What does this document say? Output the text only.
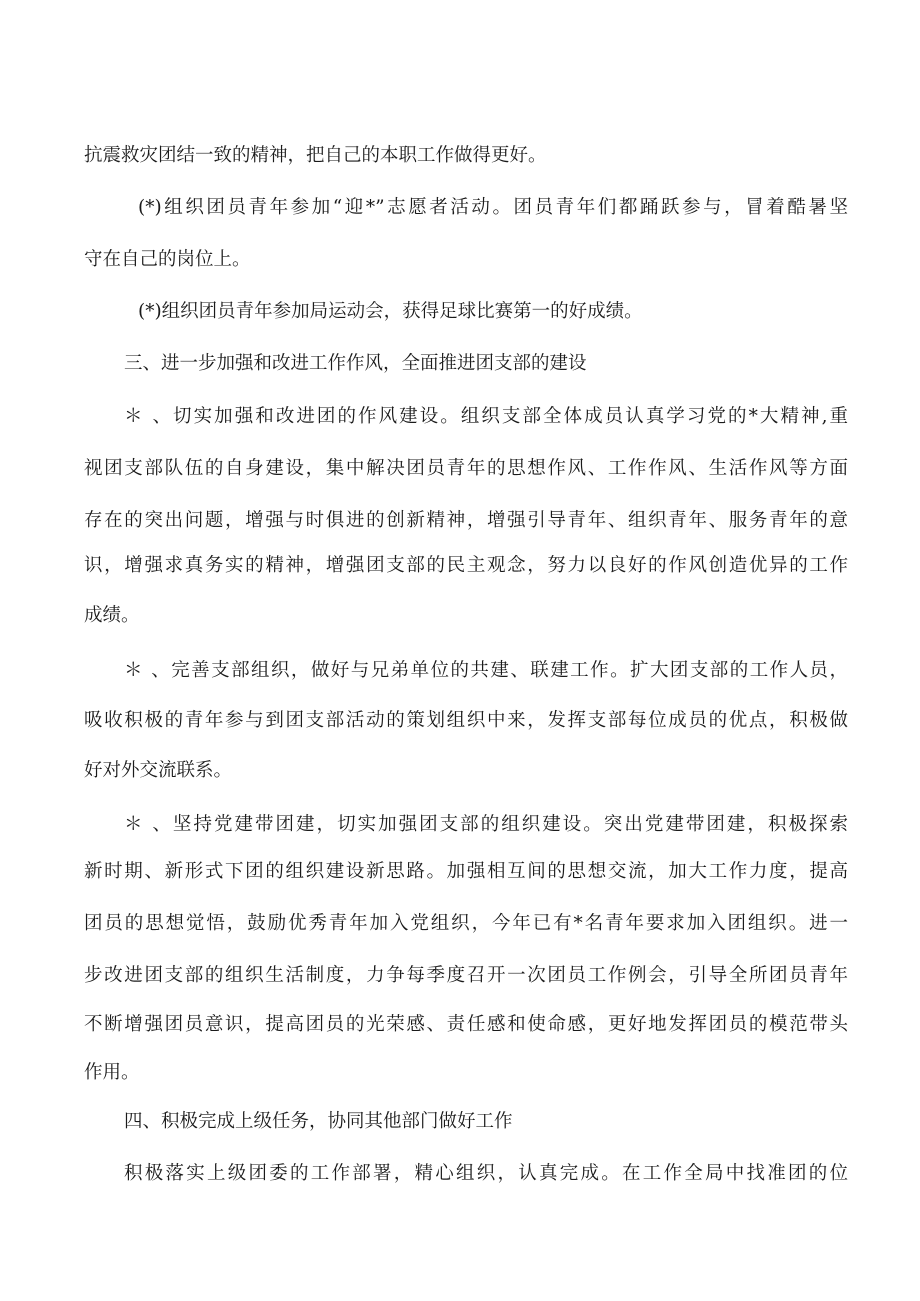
抗震救灾团结一致的精神，把自己的本职工作做得更好。
(*)组织团员青年参加“迎*”志愿者活动。团员青年们都踊跃参与，冒着酷暑坚
守在自己的岗位上。
(*)组织团员青年参加局运动会，获得足球比赛第一的好成绩。
三、进一步加强和改进工作作风，全面推进团支部的建设
＊ 、切实加强和改进团的作风建设。组织支部全体成员认真学习党的*大精神,重
视团支部队伍的自身建设，集中解决团员青年的思想作风、工作作风、生活作风等方面
存在的突出问题，增强与时俱进的创新精神，增强引导青年、组织青年、服务青年的意
识，增强求真务实的精神，增强团支部的民主观念，努力以良好的作风创造优异的工作
成绩。
＊ 、完善支部组织，做好与兄弟单位的共建、联建工作。扩大团支部的工作人员，
吸收积极的青年参与到团支部活动的策划组织中来，发挥支部每位成员的优点，积极做
好对外交流联系。
＊ 、坚持党建带团建，切实加强团支部的组织建设。突出党建带团建，积极探索
新时期、新形式下团的组织建设新思路。加强相互间的思想交流，加大工作力度，提高
团员的思想觉悟，鼓励优秀青年加入党组织，今年已有*名青年要求加入团组织。进一
步改进团支部的组织生活制度，力争每季度召开一次团员工作例会，引导全所团员青年
不断增强团员意识，提高团员的光荣感、责任感和使命感，更好地发挥团员的模范带头
作用。
四、积极完成上级任务，协同其他部门做好工作
积极落实上级团委的工作部署，精心组织，认真完成。在工作全局中找准团的位
